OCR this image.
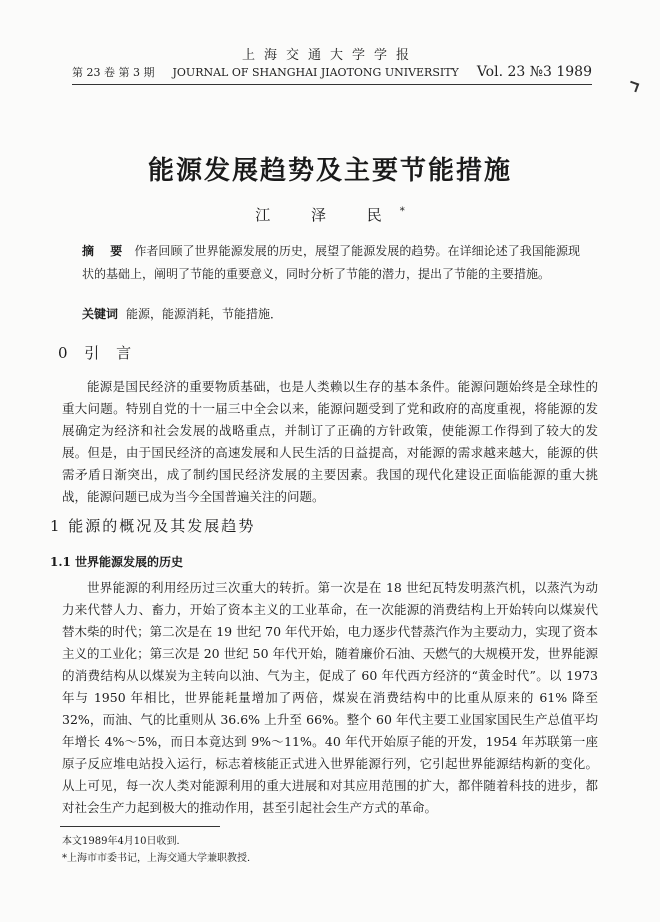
上海交通大学学报
第 23 卷 第 3 期 JOURNAL OF SHANGHAI JIAOTONG UNIVERSITY Vol. 23 №3 1989
能源发展趋势及主要节能措施
江 泽 民*
摘 要 作者回顾了世界能源发展的历史，展望了能源发展的趋势。在详细论述了我国能源现状的基础上，阐明了节能的重要意义，同时分析了节能的潜力，提出了节能的主要措施。
关键词 能源，能源消耗，节能措施．
0 引 言
能源是国民经济的重要物质基础，也是人类赖以生存的基本条件。能源问题始终是全球性的重大问题。特别自党的十一届三中全会以来，能源问题受到了党和政府的高度重视，将能源的发展确定为经济和社会发展的战略重点，并制订了正确的方针政策，使能源工作得到了较大的发展。但是，由于国民经济的高速发展和人民生活的日益提高，对能源的需求越来越大，能源的供需矛盾日渐突出，成了制约国民经济发展的主要因素。我国的现代化建设正面临能源的重大挑战，能源问题已成为当今全国普遍关注的问题。
1 能源的概况及其发展趋势
1.1 世界能源发展的历史
世界能源的利用经历过三次重大的转折。第一次是在 18 世纪瓦特发明蒸汽机，以蒸汽为动力来代替人力、畜力，开始了资本主义的工业革命，在一次能源的消费结构上开始转向以煤炭代替木柴的时代；第二次是在 19 世纪 70 年代开始，电力逐步代替蒸汽作为主要动力，实现了资本主义的工业化；第三次是 20 世纪 50 年代开始，随着廉价石油、天燃气的大规模开发，世界能源的消费结构从以煤炭为主转向以油、气为主，促成了 60 年代西方经济的“黄金时代”。以 1973 年与 1950 年相比，世界能耗量增加了两倍，煤炭在消费结构中的比重从原来的 61% 降至 32%，而油、气的比重则从 36.6% 上升至 66%。整个 60 年代主要工业国家国民生产总值平均年增长 4%～5%，而日本竟达到 9%～11%。40 年代开始原子能的开发，1954 年苏联第一座原子反应堆电站投入运行，标志着核能正式进入世界能源行列，它引起世界能源结构新的变化。从上可见，每一次人类对能源利用的重大进展和对其应用范围的扩大，都伴随着科技的进步，都对社会生产力起到极大的推动作用，甚至引起社会生产方式的革命。
本文1989年4月10日收到．
*上海市市委书记，上海交通大学兼职教授．
